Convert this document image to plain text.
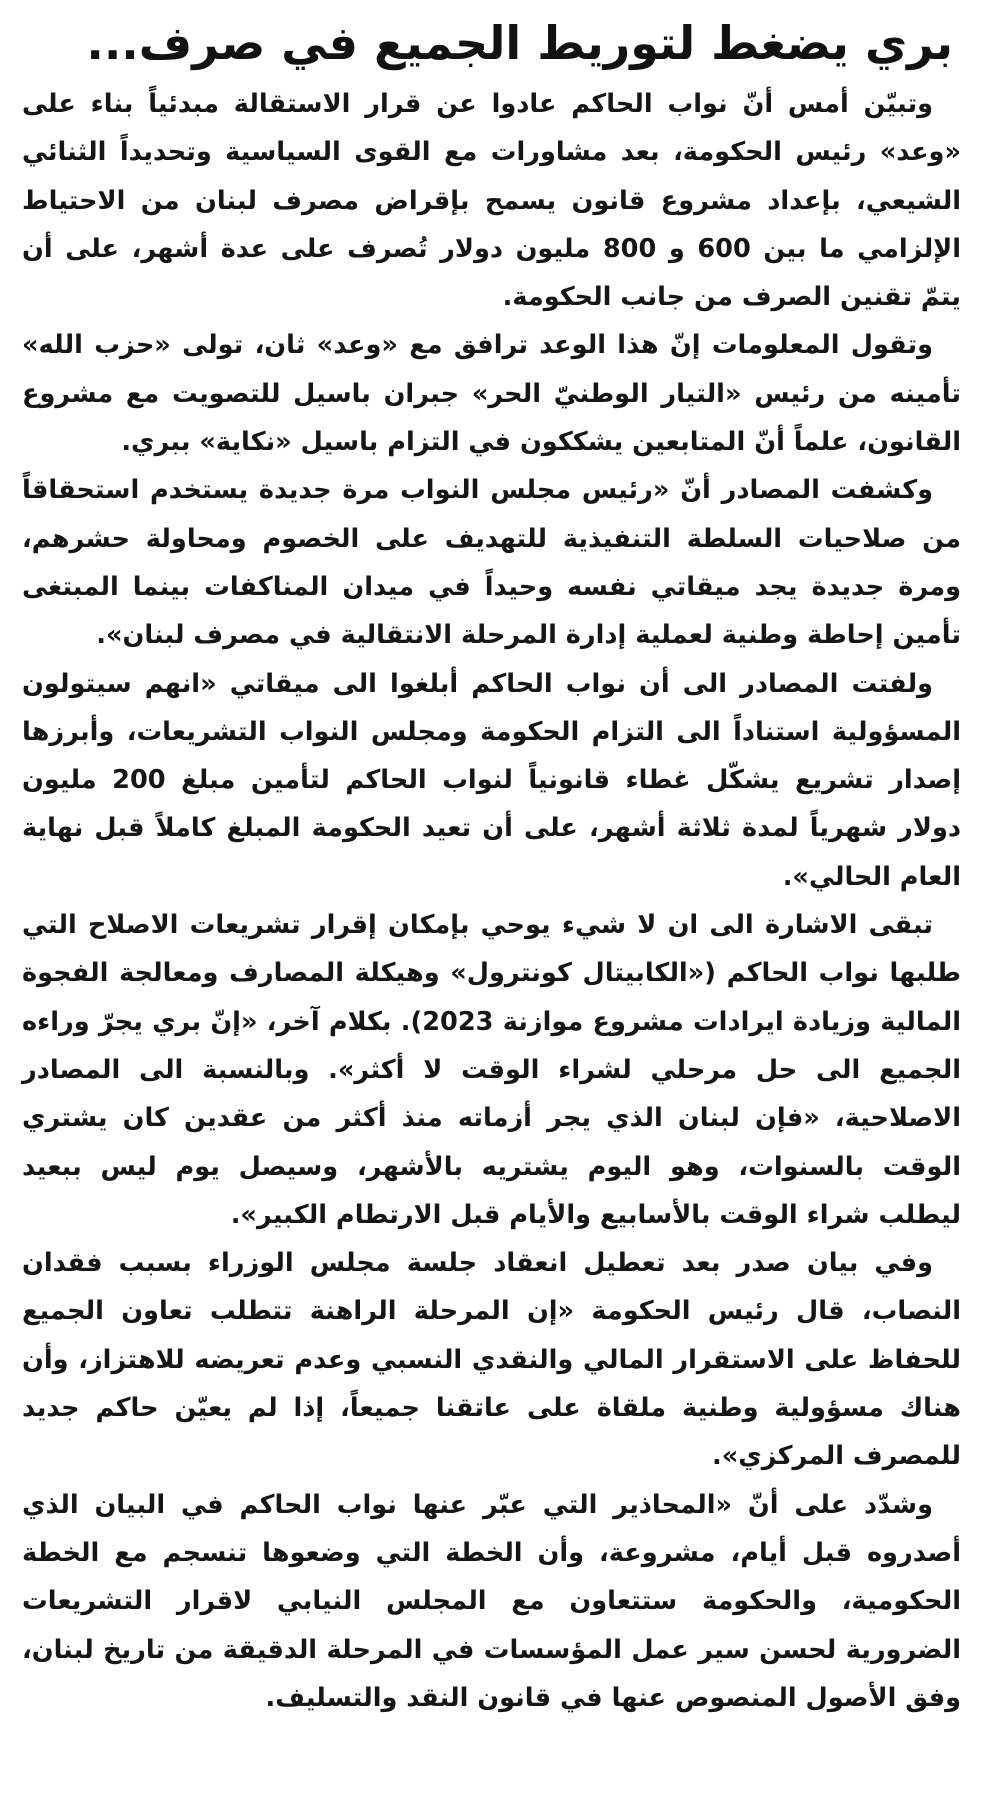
بري يضغط لتوريط الجميع في صرف...

وتبيّن أمس أنّ نواب الحاكم عادوا عن قرار الاستقالة مبدئياً بناء على «وعد» رئيس الحكومة، بعد مشاورات مع القوى السياسية وتحديداً الثنائي الشيعي، بإعداد مشروع قانون يسمح بإقراض مصرف لبنان من الاحتياط الإلزامي ما بين 600 و 800 مليون دولار تُصرف على عدة أشهر، على أن يتمّ تقنين الصرف من جانب الحكومة.

وتقول المعلومات إنّ هذا الوعد ترافق مع «وعد» ثان، تولى «حزب الله» تأمينه من رئيس «التيار الوطنيّ الحر» جبران باسيل للتصويت مع مشروع القانون، علماً أنّ المتابعين يشككون في التزام باسيل «نكاية» ببري.

وكشفت المصادر أنّ «رئيس مجلس النواب مرة جديدة يستخدم استحقاقاً من صلاحيات السلطة التنفيذية للتهديف على الخصوم ومحاولة حشرهم، ومرة جديدة يجد ميقاتي نفسه وحيداً في ميدان المناكفات بينما المبتغى تأمين إحاطة وطنية لعملية إدارة المرحلة الانتقالية في مصرف لبنان».

ولفتت المصادر الى أن نواب الحاكم أبلغوا الى ميقاتي «انهم سيتولون المسؤولية استناداً الى التزام الحكومة ومجلس النواب التشريعات، وأبرزها إصدار تشريع يشكّل غطاء قانونياً لنواب الحاكم لتأمين مبلغ 200 مليون دولار شهرياً لمدة ثلاثة أشهر، على أن تعيد الحكومة المبلغ كاملاً قبل نهاية العام الحالي».

تبقى الاشارة الى ان لا شيء يوحي بإمكان إقرار تشريعات الاصلاح التي طلبها نواب الحاكم («الكابيتال كونترول» وهيكلة المصارف ومعالجة الفجوة المالية وزيادة ايرادات مشروع موازنة 2023). بكلام آخر، «إنّ بري يجرّ وراءه الجميع الى حل مرحلي لشراء الوقت لا أكثر». وبالنسبة الى المصادر الاصلاحية، «فإن لبنان الذي يجر أزماته منذ أكثر من عقدين كان يشتري الوقت بالسنوات، وهو اليوم يشتريه بالأشهر، وسيصل يوم ليس ببعيد ليطلب شراء الوقت بالأسابيع والأيام قبل الارتطام الكبير».

وفي بيان صدر بعد تعطيل انعقاد جلسة مجلس الوزراء بسبب فقدان النصاب، قال رئيس الحكومة «إن المرحلة الراهنة تتطلب تعاون الجميع للحفاظ على الاستقرار المالي والنقدي النسبي وعدم تعريضه للاهتزاز، وأن هناك مسؤولية وطنية ملقاة على عاتقنا جميعاً، إذا لم يعيّن حاكم جديد للمصرف المركزي».

وشدّد على أنّ «المحاذير التي عبّر عنها نواب الحاكم في البيان الذي أصدروه قبل أيام، مشروعة، وأن الخطة التي وضعوها تنسجم مع الخطة الحكومية، والحكومة ستتعاون مع المجلس النيابي لاقرار التشريعات الضرورية لحسن سير عمل المؤسسات في المرحلة الدقيقة من تاريخ لبنان، وفق الأصول المنصوص عنها في قانون النقد والتسليف.
